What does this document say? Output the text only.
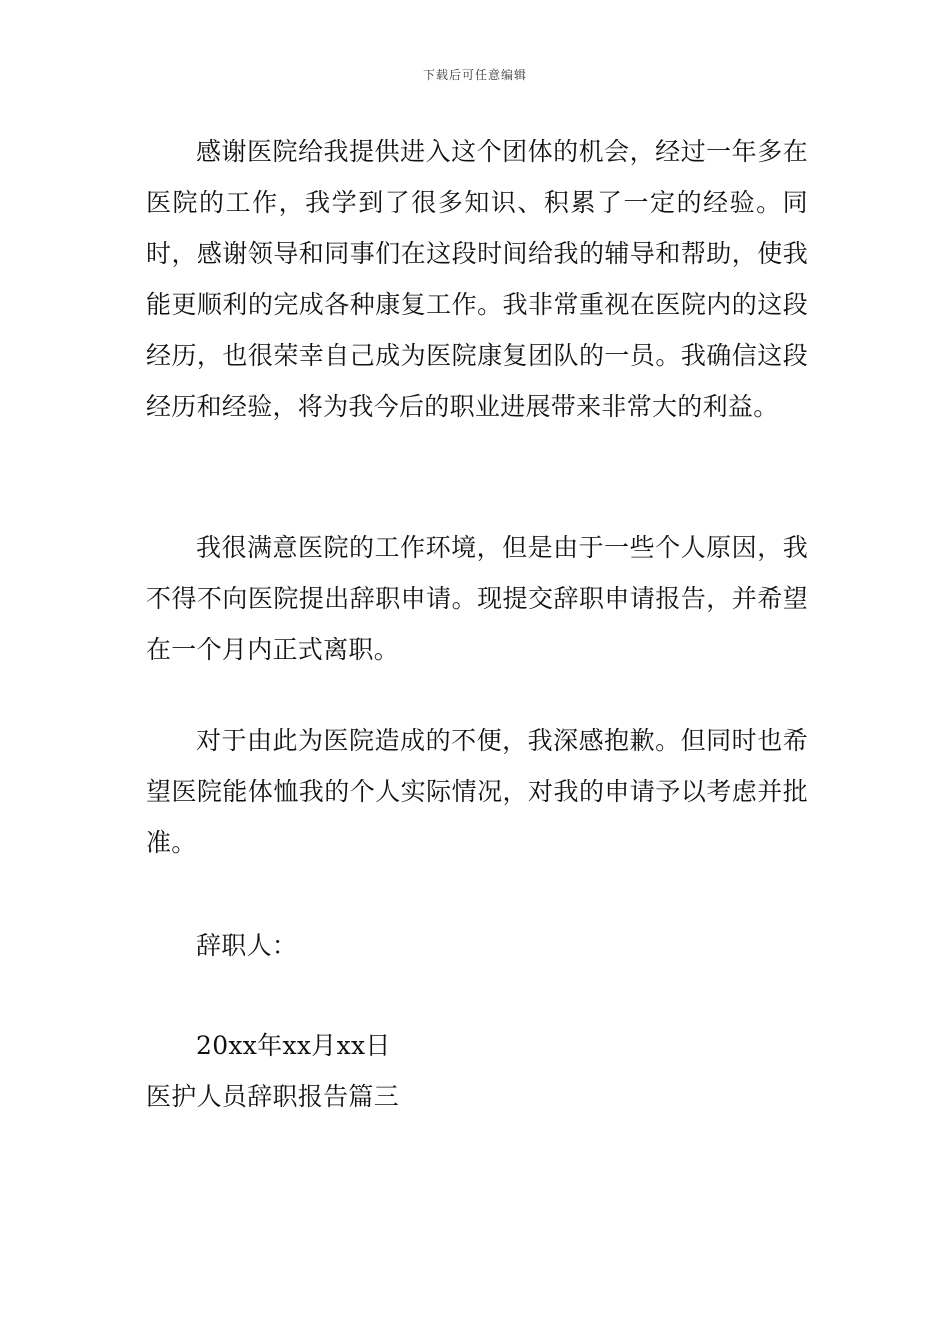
下载后可任意编辑

感谢医院给我提供进入这个团体的机会，经过一年多在医院的工作，我学到了很多知识、积累了一定的经验。同时，感谢领导和同事们在这段时间给我的辅导和帮助，使我能更顺利的完成各种康复工作。我非常重视在医院内的这段经历，也很荣幸自己成为医院康复团队的一员。我确信这段经历和经验，将为我今后的职业进展带来非常大的利益。

我很满意医院的工作环境，但是由于一些个人原因，我不得不向医院提出辞职申请。现提交辞职申请报告，并希望在一个月内正式离职。

对于由此为医院造成的不便，我深感抱歉。但同时也希望医院能体恤我的个人实际情况，对我的申请予以考虑并批准。

辞职人：

20xx年xx月xx日

医护人员辞职报告篇三
